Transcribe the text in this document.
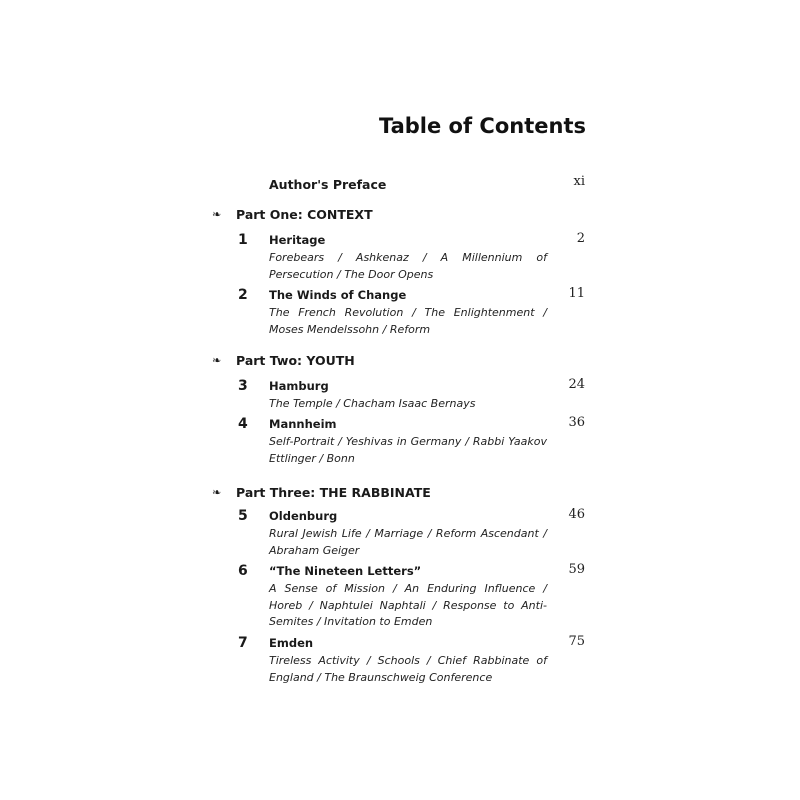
Table of Contents
Author's Preface	xi
❧ Part One: CONTEXT
1 Heritage	2
Forebears / Ashkenaz / A Millennium of Persecution / The Door Opens
2 The Winds of Change	11
The French Revolution / The Enlightenment / Moses Mendelssohn / Reform
❧ Part Two: YOUTH
3 Hamburg	24
The Temple / Chacham Isaac Bernays
4 Mannheim	36
Self-Portrait / Yeshivas in Germany / Rabbi Yaakov Ettlinger / Bonn
❧ Part Three: THE RABBINATE
5 Oldenburg	46
Rural Jewish Life / Marriage / Reform Ascendant / Abraham Geiger
6 “The Nineteen Letters”	59
A Sense of Mission / An Enduring Influence / Horeb / Naphtulei Naphtali / Response to Anti-Semites / Invitation to Emden
7 Emden	75
Tireless Activity / Schools / Chief Rabbinate of England / The Braunschweig Conference
